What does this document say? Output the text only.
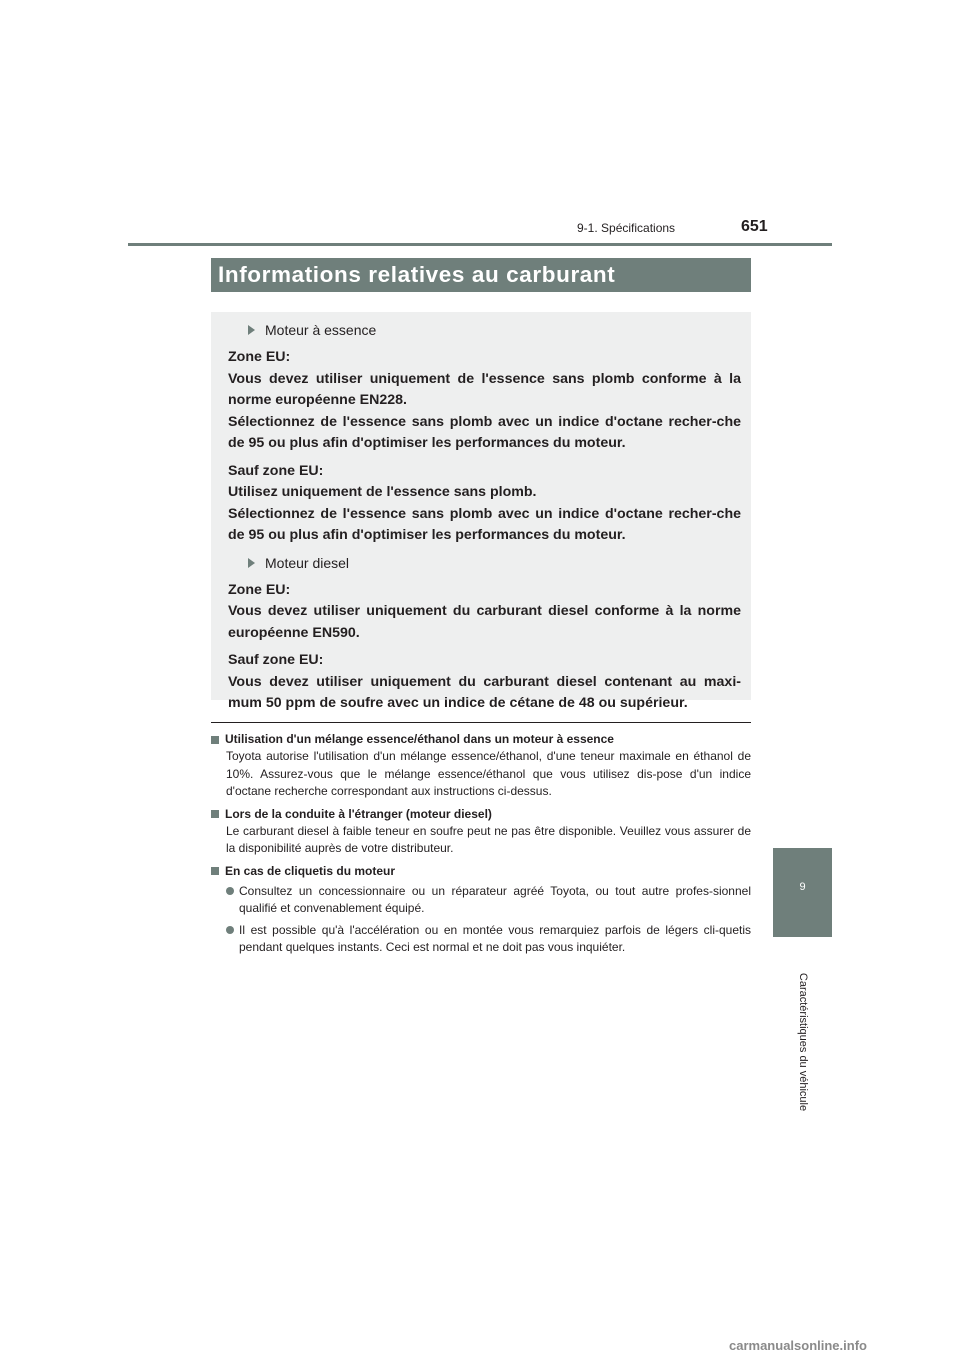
9-1. Spécifications	651
Informations relatives au carburant
Moteur à essence

Zone EU:

Vous devez utiliser uniquement de l'essence sans plomb conforme à la norme européenne EN228.

Sélectionnez de l'essence sans plomb avec un indice d'octane recher-che de 95 ou plus afin d'optimiser les performances du moteur.

Sauf zone EU:

Utilisez uniquement de l'essence sans plomb.

Sélectionnez de l'essence sans plomb avec un indice d'octane recher-che de 95 ou plus afin d'optimiser les performances du moteur.

Moteur diesel

Zone EU:

Vous devez utiliser uniquement du carburant diesel conforme à la norme européenne EN590.

Sauf zone EU:

Vous devez utiliser uniquement du carburant diesel contenant au maxi-mum 50 ppm de soufre avec un indice de cétane de 48 ou supérieur.

Utilisation d'un mélange essence/éthanol dans un moteur à essence

Toyota autorise l'utilisation d'un mélange essence/éthanol, d'une teneur maximale en éthanol de 10%. Assurez-vous que le mélange essence/éthanol que vous utilisez dis-pose d'un indice d'octane recherche correspondant aux instructions ci-dessus.

Lors de la conduite à l'étranger (moteur diesel)

Le carburant diesel à faible teneur en soufre peut ne pas être disponible. Veuillez vous assurer de la disponibilité auprès de votre distributeur.

En cas de cliquetis du moteur
Consultez un concessionnaire ou un réparateur agréé Toyota, ou tout autre profes-sionnel qualifié et convenablement équipé.
Il est possible qu'à l'accélération ou en montée vous remarquiez parfois de légers cli-quetis pendant quelques instants. Ceci est normal et ne doit pas vous inquiéter.
9
Caractéristiques du véhicule
carmanualsonline.info
